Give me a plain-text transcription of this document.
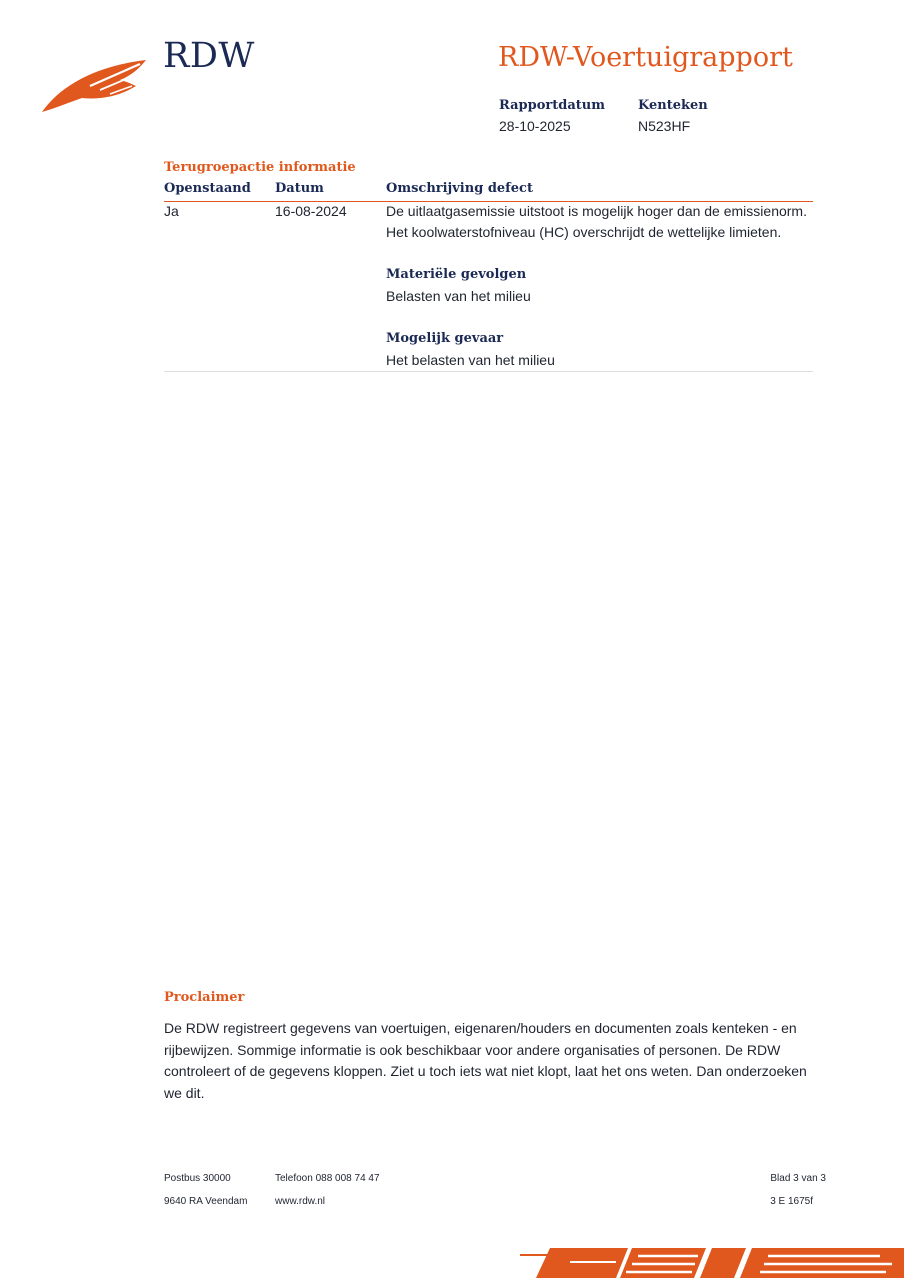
RDW	RDW-Voertuigrapport
Rapportdatum
28-10-2025
Kenteken
N523HF
Terugroepactie informatie
Openstaand Datum	Omschrijving defect
Ja	16-08-2024	De uitlaatgasemissie uitstoot is mogelijk hoger dan de emissienorm.
Het koolwaterstofniveau (HC) overschrijdt de wettelijke limieten.
Materiële gevolgen
Belasten van het milieu
Mogelijk gevaar
Het belasten van het milieu
Proclaimer
De RDW registreert gegevens van voertuigen, eigenaren/houders en documenten zoals kenteken - en rijbewijzen. Sommige informatie is ook beschikbaar voor andere organisaties of personen. De RDW controleert of de gegevens kloppen. Ziet u toch iets wat niet klopt, laat het ons weten. Dan onderzoeken we dit.
Postbus 30000
9640 RA Veendam
Telefoon 088 008 74 47
www.rdw.nl
Blad 3 van 3
3 E 1675f
